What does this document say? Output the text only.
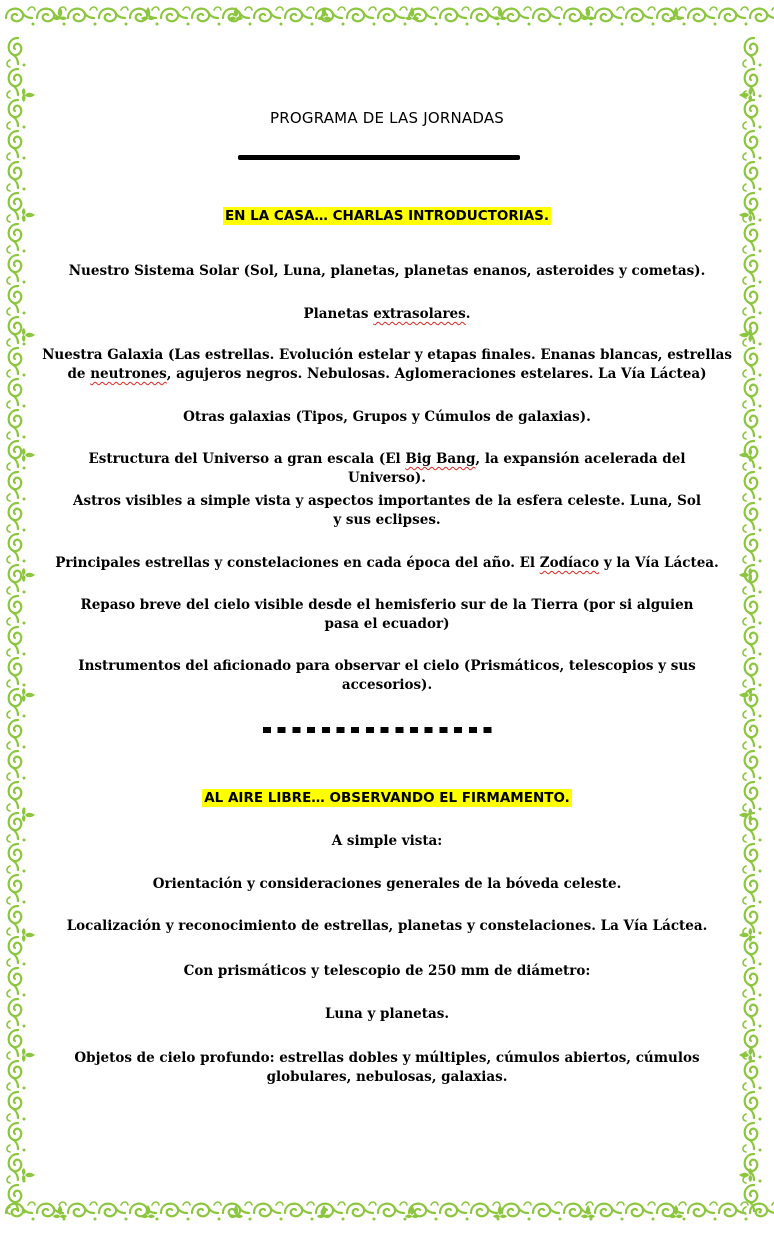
PROGRAMA DE LAS JORNADAS
EN LA CASA… CHARLAS INTRODUCTORIAS.
Nuestro Sistema Solar (Sol, Luna, planetas, planetas enanos, asteroides y cometas).
Planetas extrasolares.
Nuestra Galaxia (Las estrellas. Evolución estelar y etapas finales. Enanas blancas, estrellas de neutrones, agujeros negros. Nebulosas. Aglomeraciones estelares. La Vía Láctea)
Otras galaxias (Tipos, Grupos y Cúmulos de galaxias).
Estructura del Universo a gran escala (El Big Bang, la expansión acelerada del Universo).
Astros visibles a simple vista y aspectos importantes de la esfera celeste. Luna, Sol y sus eclipses.
Principales estrellas y constelaciones en cada época del año. El Zodíaco y la Vía Láctea.
Repaso breve del cielo visible desde el hemisferio sur de la Tierra (por si alguien pasa el ecuador)
Instrumentos del aficionado para observar el cielo (Prismáticos, telescopios y sus accesorios).
AL AIRE LIBRE… OBSERVANDO EL FIRMAMENTO.
A simple vista:
Orientación y consideraciones generales de la bóveda celeste.
Localización y reconocimiento de estrellas, planetas y constelaciones. La Vía Láctea.
Con prismáticos y telescopio de 250 mm de diámetro:
Luna y planetas.
Objetos de cielo profundo: estrellas dobles y múltiples, cúmulos abiertos, cúmulos globulares, nebulosas, galaxias.
